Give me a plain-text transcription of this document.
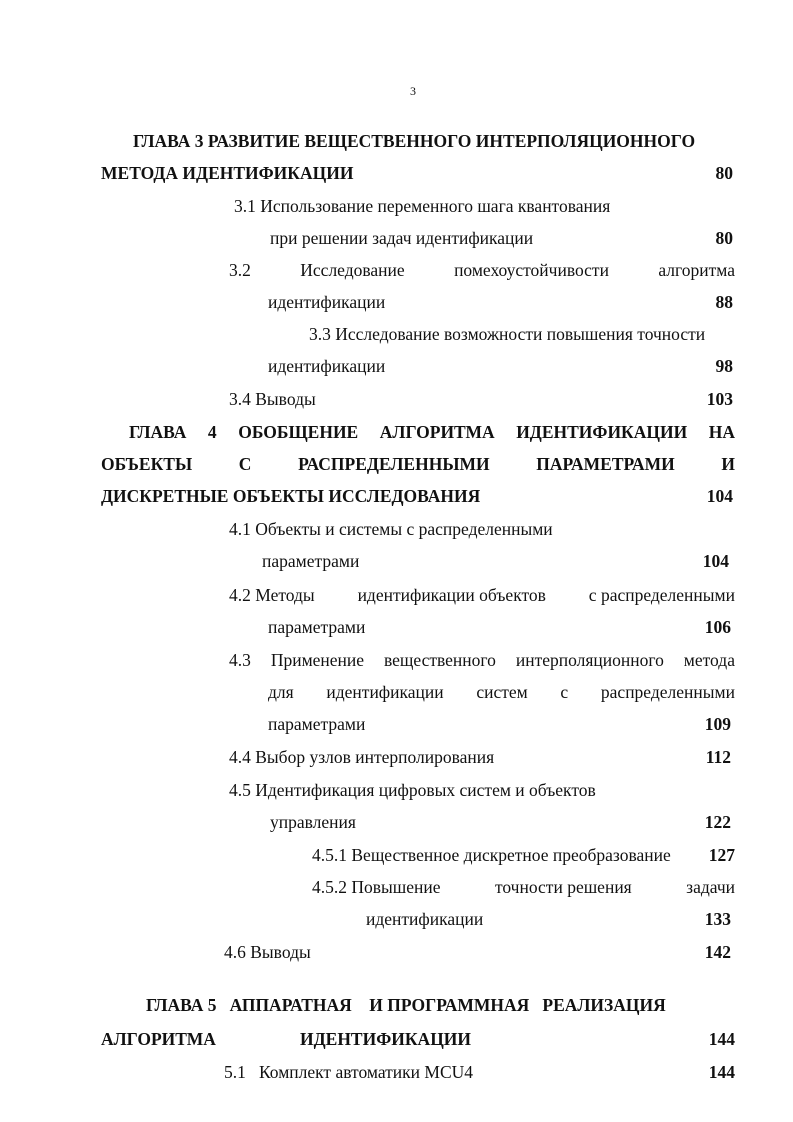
3
ГЛАВА 3 РАЗВИТИЕ ВЕЩЕСТВЕННОГО ИНТЕРПОЛЯЦИОННОГО
МЕТОДА ИДЕНТИФИКАЦИИ	80
3.1 Использование переменного шага квантования
при решении задач идентификации	80
3.2	Исследование	помехоустойчивости	алгоритма
идентификации	88
3.3 Исследование возможности повышения точности
идентификации	98
3.4 Выводы	103
ГЛАВА 4 ОБОБЩЕНИЕ АЛГОРИТМА ИДЕНТИФИКАЦИИ НА
ОБЪЕКТЫ	С	РАСПРЕДЕЛЕННЫМИ	ПАРАМЕТРАМИ	И
ДИСКРЕТНЫЕ ОБЪЕКТЫ ИССЛЕДОВАНИЯ	104
4.1 Объекты и системы с распределенными
параметрами	104
4.2 Методы идентификации объектов с распределенными
параметрами	106
4.3 Применение вещественного интерполяционного метода
для идентификации систем с распределенными
параметрами	109
4.4 Выбор узлов интерполирования	112
4.5 Идентификация цифровых систем и объектов
управления	122
4.5.1 Вещественное дискретное преобразование 127
4.5.2 Повышение	точности решения	задачи
идентификации	133
4.6 Выводы	142
ГЛАВА 5   АППАРАТНАЯ    И ПРОГРАММНАЯ   РЕАЛИЗАЦИЯ
АЛГОРИТМА	ИДЕНТИФИКАЦИИ	144
5.1   Комплект автоматики MCU4	144
